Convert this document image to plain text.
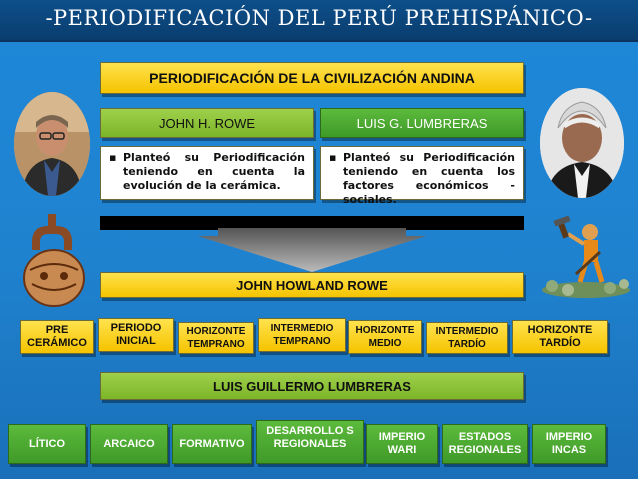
-PERIODIFICACIÓN DEL PERÚ PREHISPÁNICO-
PERIODIFICACIÓN DE LA CIVILIZACIÓN ANDINA
JOHN H. ROWE	LUIS G. LUMBRERAS
▪ Planteó su Periodificación teniendo en cuenta la evolución de la cerámica.
▪ Planteó su Periodificación teniendo en cuenta los factores económicos -sociales.
JOHN HOWLAND ROWE
PRE CERÁMICO
PERIODO INICIAL
HORIZONTE TEMPRANO
INTERMEDIO TEMPRANO
HORIZONTE MEDIO
INTERMEDIO TARDÍO
HORIZONTE TARDÍO
LUIS GUILLERMO LUMBRERAS
LÍTICO	ARCAICO	FORMATIVO
DESARROLLO S REGIONALES
IMPERIO WARI
ESTADOS REGIONALES
IMPERIO INCAS
